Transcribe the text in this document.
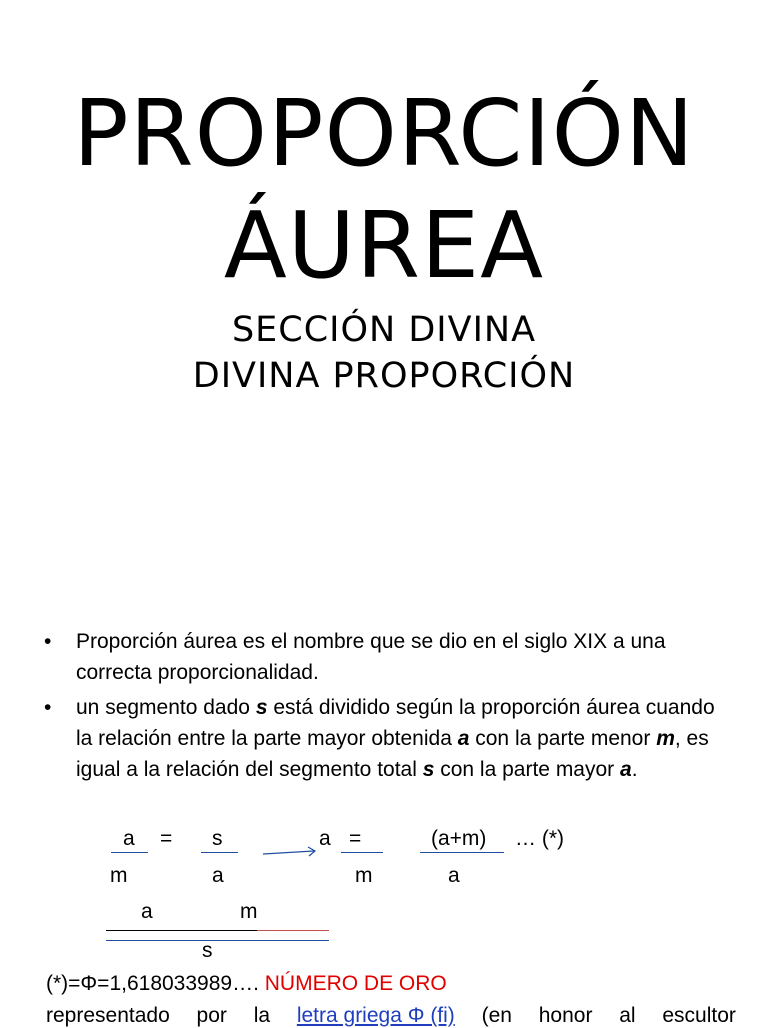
PROPORCIÓN
ÁUREA
SECCIÓN DIVINA
DIVINA PROPORCIÓN
• Proporción áurea es el nombre que se dio en el siglo XIX a una correcta proporcionalidad.
• un segmento dado s está dividido según la proporción áurea cuando la relación entre la parte mayor obtenida a con la parte menor m, es igual a la relación del segmento total s con la parte mayor a.
a = s	a =	(a+m) … (*)
m	a	m	a
a	m
s
(*)=Φ=1,618033989…. NÚMERO DE ORO
representado por la letra griega Φ (fi) (en honor al escultor
